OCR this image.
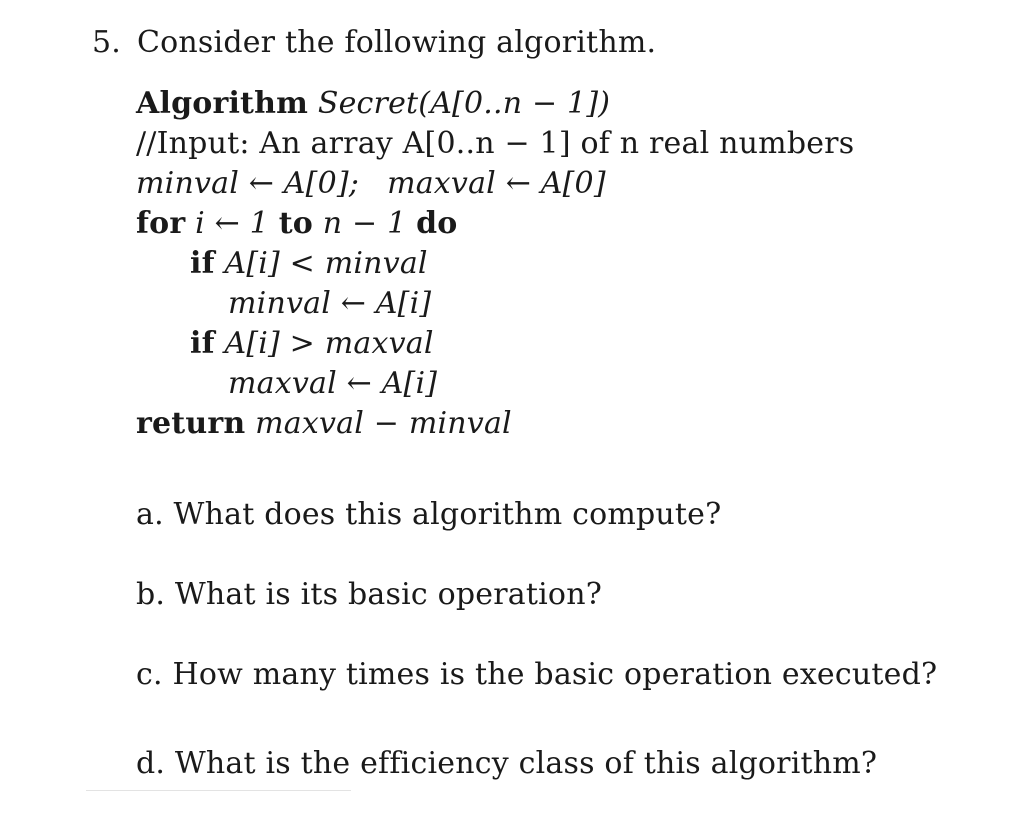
5. Consider the following algorithm.
Algorithm Secret(A[0..n − 1])
//Input: An array A[0..n − 1] of n real numbers
minval ← A[0]; maxval ← A[0]
for i ← 1 to n − 1 do
if A[i] < minval
minval ← A[i]
if A[i] > maxval
maxval ← A[i]
return maxval − minval
a. What does this algorithm compute?
b. What is its basic operation?
c. How many times is the basic operation executed?
d. What is the efficiency class of this algorithm?
